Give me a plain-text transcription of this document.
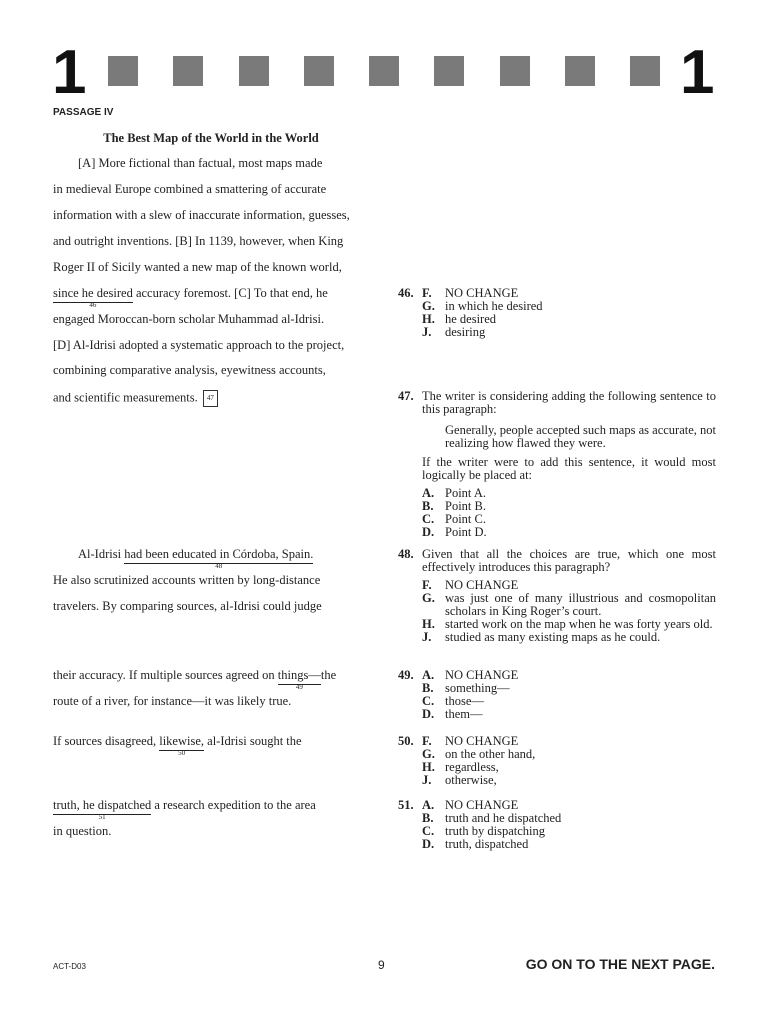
1	1
PASSAGE IV
The Best Map of the World in the World
[A] More fictional than factual, most maps made
in medieval Europe combined a smattering of accurate
information with a slew of inaccurate information, guesses,
and outright inventions. [B] In 1139, however, when King
Roger II of Sicily wanted a new map of the known world,
since he desired
46
accuracy foremost. [C] To that end, he
engaged Moroccan-born scholar Muhammad al-Idrisi.
[D] Al-Idrisi adopted a systematic approach to the project,
combining comparative analysis, eyewitness accounts,
and scientific measurements. 47
Al-Idrisi had been educated in Córdoba, Spain.
48
He also scrutinized accounts written by long-distance
travelers. By comparing sources, al-Idrisi could judge
their accuracy. If multiple sources agreed on things—
49
the
route of a river, for instance—it was likely true.
If sources disagreed, likewise,
50
al-Idrisi sought the
truth, he dispatched
51
a research expedition to the area
in question.
46. F.	NO CHANGE
G. in which he desired
H. he desired
J.	desiring
47. The writer is considering adding the following sentence to this paragraph:
Generally, people accepted such maps as accurate, not realizing how flawed they were.
If the writer were to add this sentence, it would most logically be placed at:
A. Point A.
B. Point B.
C. Point C.
D. Point D.
48. Given that all the choices are true, which one most effectively introduces this paragraph?
F.	NO CHANGE
G. was just one of many illustrious and cosmopolitan scholars in King Roger’s court.
H. started work on the map when he was forty years old.
J.	studied as many existing maps as he could.
49. A. NO CHANGE
B. something—
C. those—
D. them—
50. F.	NO CHANGE
G. on the other hand,
H. regardless,
J.	otherwise,
51. A. NO CHANGE
B. truth and he dispatched
C. truth by dispatching
D. truth, dispatched
ACT-D03	9	GO ON TO THE NEXT PAGE.
